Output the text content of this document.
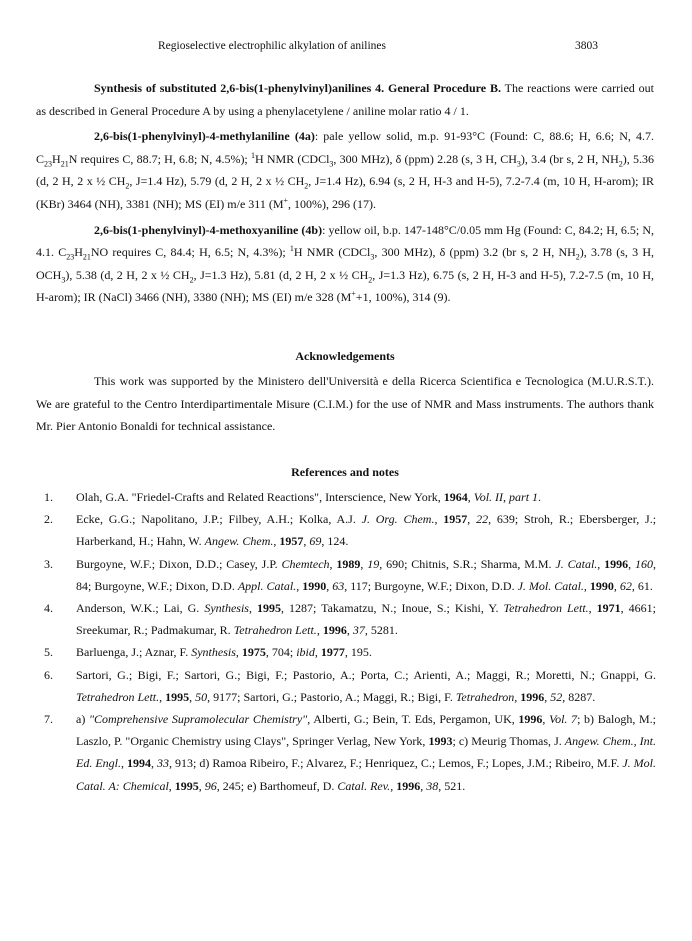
Regioselective electrophilic alkylation of anilines	3803

Synthesis of substituted 2,6-bis(1-phenylvinyl)anilines 4. General Procedure B. The reactions were carried out as described in General Procedure A by using a phenylacetylene / aniline molar ratio 4 / 1.

2,6-bis(1-phenylvinyl)-4-methylaniline (4a): pale yellow solid, m.p. 91-93°C (Found: C, 88.6; H, 6.6; N, 4.7. $C_{23}H_{21}N$ requires C, 88.7; H, 6.8; N, 4.5%); $^1$H NMR (CDCl$_3$, 300 MHz), δ (ppm) 2.28 (s, 3 H, $CH_3$), 3.4 (br s, 2 H, $NH_2$), 5.36 (d, 2 H, 2 x ½ $CH_2$, J=1.4 Hz), 5.79 (d, 2 H, 2 x ½ $CH_2$, J=1.4 Hz), 6.94 (s, 2 H, H-3 and H-5), 7.2-7.4 (m, 10 H, H-arom); IR (KBr) 3464 (NH), 3381 (NH); MS (EI) m/e 311 (M+, 100%), 296 (17).

2,6-bis(1-phenylvinyl)-4-methoxyaniline (4b): yellow oil, b.p. 147-148°C/0.05 mm Hg (Found: C, 84.2; H, 6.5; N, 4.1. $C_{23}H_{21}NO$ requires C, 84.4; H, 6.5; N, 4.3%); $^1$H NMR (CDCl$_3$, 300 MHz), δ (ppm) 3.2 (br s, 2 H, $NH_2$), 3.78 (s, 3 H, $OCH_3$), 5.38 (d, 2 H, 2 x ½ $CH_2$, J=1.3 Hz), 5.81 (d, 2 H, 2 x ½ $CH_2$, J=1.3 Hz), 6.75 (s, 2 H, H-3 and H-5), 7.2-7.5 (m, 10 H, H-arom); IR (NaCl) 3466 (NH), 3380 (NH); MS (EI) m/e 328 (M++1, 100%), 314 (9).

Acknowledgements

This work was supported by the Ministero dell'Università e della Ricerca Scientifica e Tecnologica (M.U.R.S.T.). We are grateful to the Centro Interdipartimentale Misure (C.I.M.) for the use of NMR and Mass instruments. The authors thank Mr. Pier Antonio Bonaldi for technical assistance.

References and notes
1.	Olah, G.A. "Friedel-Crafts and Related Reactions", Interscience, New York, 1964, Vol. II, part 1.
2.	Ecke, G.G.; Napolitano, J.P.; Filbey, A.H.; Kolka, A.J. J. Org. Chem., 1957, 22, 639; Stroh, R.; Ebersberger, J.; Harberkand, H.; Hahn, W. Angew. Chem., 1957, 69, 124.
3.	Burgoyne, W.F.; Dixon, D.D.; Casey, J.P. Chemtech, 1989, 19, 690; Chitnis, S.R.; Sharma, M.M. J. Catal., 1996, 160, 84; Burgoyne, W.F.; Dixon, D.D. Appl. Catal., 1990, 63, 117; Burgoyne, W.F.; Dixon, D.D. J. Mol. Catal., 1990, 62, 61.
4.	Anderson, W.K.; Lai, G. Synthesis, 1995, 1287; Takamatzu, N.; Inoue, S.; Kishi, Y. Tetrahedron Lett., 1971, 4661; Sreekumar, R.; Padmakumar, R. Tetrahedron Lett., 1996, 37, 5281.
5.	Barluenga, J.; Aznar, F. Synthesis, 1975, 704; ibid, 1977, 195.
6.	Sartori, G.; Bigi, F.; Sartori, G.; Bigi, F.; Pastorio, A.; Porta, C.; Arienti, A.; Maggi, R.; Moretti, N.; Gnappi, G. Tetrahedron Lett., 1995, 50, 9177; Sartori, G.; Pastorio, A.; Maggi, R.; Bigi, F. Tetrahedron, 1996, 52, 8287.
7.	a) "Comprehensive Supramolecular Chemistry", Alberti, G.; Bein, T. Eds, Pergamon, UK, 1996, Vol. 7; b) Balogh, M.; Laszlo, P. "Organic Chemistry using Clays", Springer Verlag, New York, 1993; c) Meurig Thomas, J. Angew. Chem., Int. Ed. Engl., 1994, 33, 913; d) Ramoa Ribeiro, F.; Alvarez, F.; Henriquez, C.; Lemos, F.; Lopes, J.M.; Ribeiro, M.F. J. Mol. Catal. A: Chemical, 1995, 96, 245; e) Barthomeuf, D. Catal. Rev., 1996, 38, 521.
